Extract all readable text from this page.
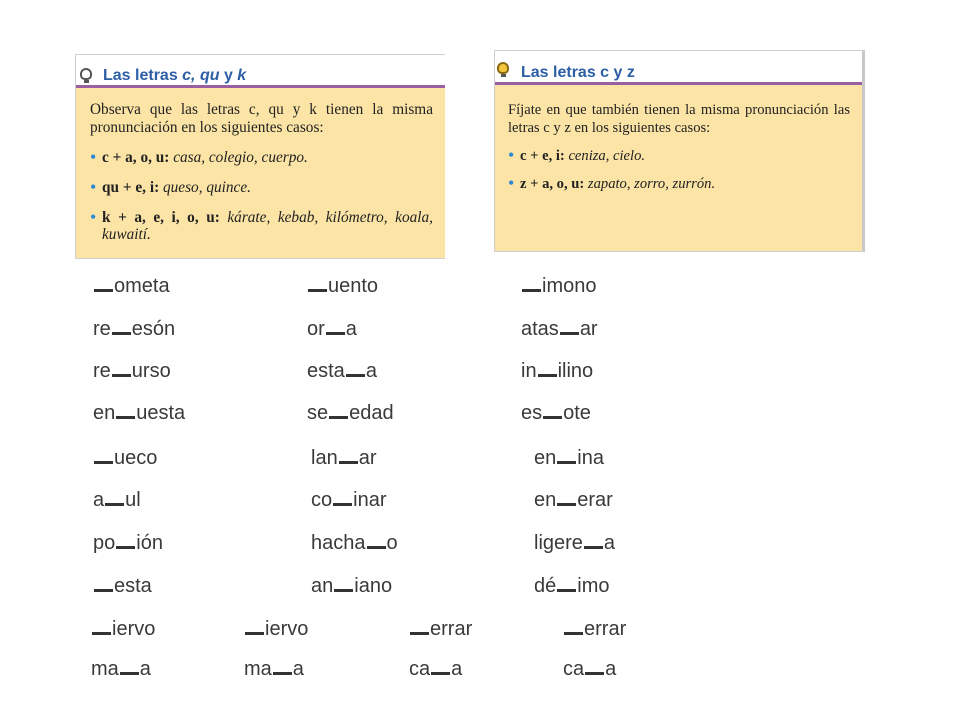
Las letras c, qu y k

Observa que las letras c, qu y k tienen la misma pronunciación en los siguientes casos:

• c + a, o, u: casa, colegio, cuerpo.
• qu + e, i: queso, quince.
• k + a, e, i, o, u: kárate, kebab, kilómetro, koala, kuwaití.
Las letras c y z

Fíjate en que también tienen la misma pronunciación las letras c y z en los siguientes casos:

• c + e, i: ceniza, cielo.
• z + a, o, u: zapato, zorro, zurrón.
ometa	uento	imono
re esón	or a	atas ar
re urso	esta a	in ilino
en uesta	se edad	es ote
ueco	lan ar	en ina
a ul	co inar	en erar
po ión	hacha o	ligere a
esta	an iano	dé imo
iervo	iervo	errar	errar
ma a	ma a	ca a	ca a
